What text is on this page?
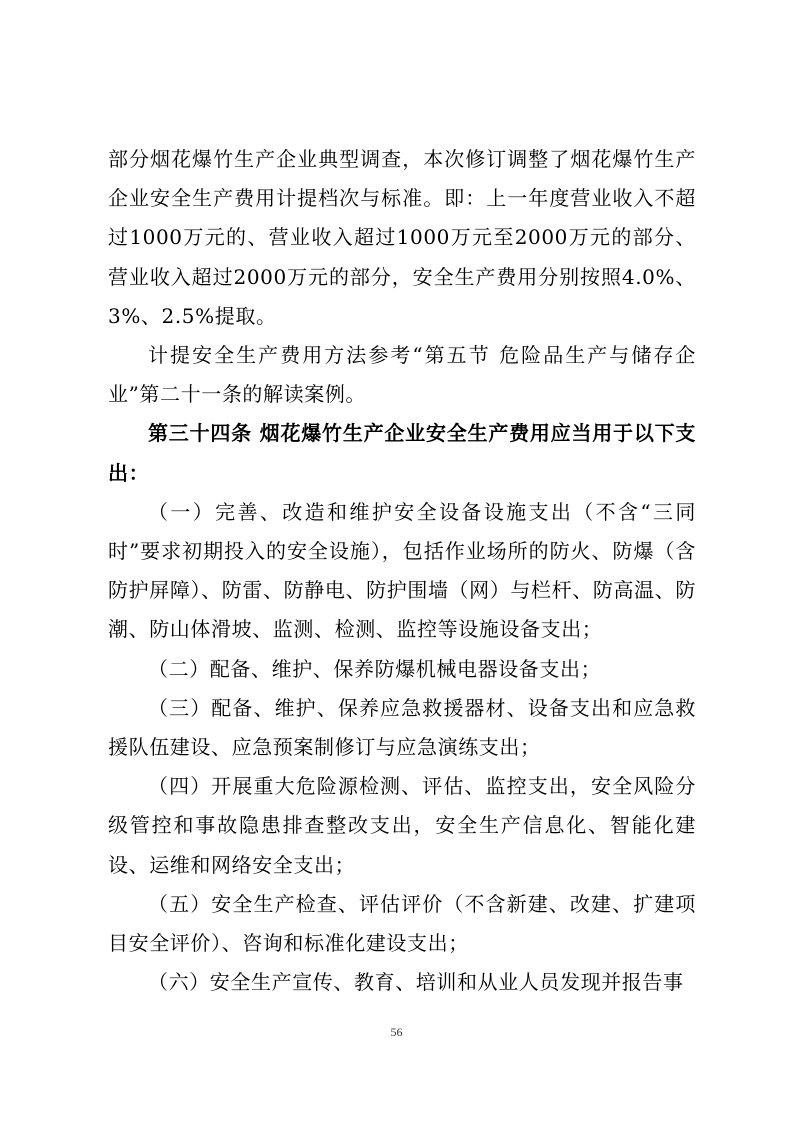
部分烟花爆竹生产企业典型调查，本次修订调整了烟花爆竹生产企业安全生产费用计提档次与标准。即：上一年度营业收入不超过1000万元的、营业收入超过1000万元至2000万元的部分、营业收入超过2000万元的部分，安全生产费用分别按照4.0%、3%、2.5%提取。

计提安全生产费用方法参考“第五节 危险品生产与储存企业”第二十一条的解读案例。

第三十四条 烟花爆竹生产企业安全生产费用应当用于以下支出：

（一）完善、改造和维护安全设备设施支出（不含“三同时”要求初期投入的安全设施），包括作业场所的防火、防爆（含防护屏障）、防雷、防静电、防护围墙（网）与栏杆、防高温、防潮、防山体滑坡、监测、检测、监控等设施设备支出；

（二）配备、维护、保养防爆机械电器设备支出；

（三）配备、维护、保养应急救援器材、设备支出和应急救援队伍建设、应急预案制修订与应急演练支出；

（四）开展重大危险源检测、评估、监控支出，安全风险分级管控和事故隐患排查整改支出，安全生产信息化、智能化建设、运维和网络安全支出；

（五）安全生产检查、评估评价（不含新建、改建、扩建项目安全评价）、咨询和标准化建设支出；

（六）安全生产宣传、教育、培训和从业人员发现并报告事

56
